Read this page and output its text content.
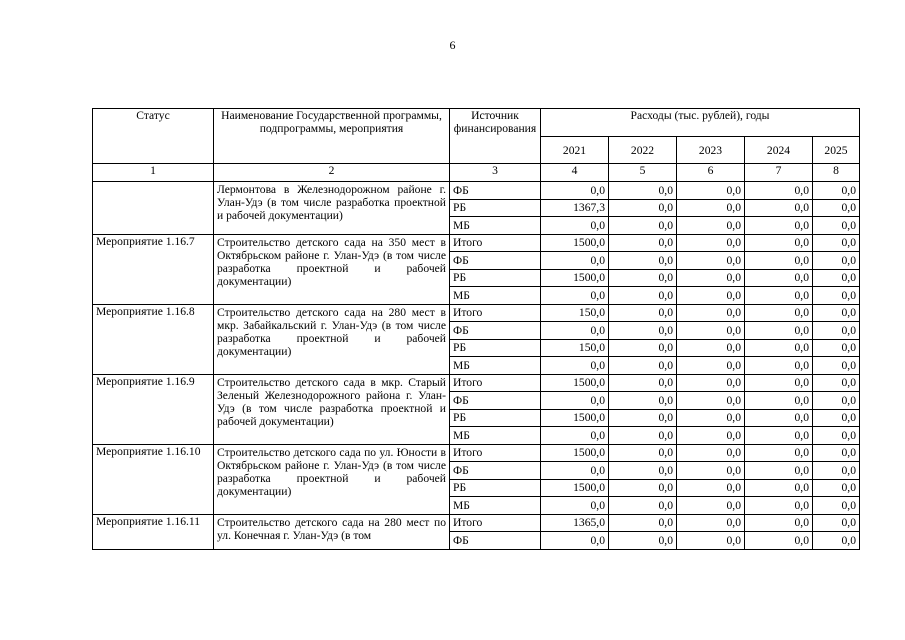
6
Статус	Наименование Государственной программы, подпрограммы, мероприятия	Источник финансирования	Расходы (тыс. рублей), годы				
			2021	2022	2023	2024	2025
1	2	3	4	5	6	7	8
	Лермонтова в Железнодорожном районе г. Улан-Удэ (в том числе разработка проектной и рабочей документации)	ФБ	0,0	0,0	0,0	0,0	0,0
		РБ	1367,3	0,0	0,0	0,0	0,0
		МБ	0,0	0,0	0,0	0,0	0,0
Мероприятие 1.16.7	Строительство детского сада на 350 мест в Октябрьском районе г. Улан-Удэ (в том числе разработка проектной и рабочей документации)	Итого	1500,0	0,0	0,0	0,0	0,0
		ФБ	0,0	0,0	0,0	0,0	0,0
		РБ	1500,0	0,0	0,0	0,0	0,0
		МБ	0,0	0,0	0,0	0,0	0,0
Мероприятие 1.16.8	Строительство детского сада на 280 мест в мкр. Забайкальский г. Улан-Удэ (в том числе разработка проектной и рабочей документации)	Итого	150,0	0,0	0,0	0,0	0,0
		ФБ	0,0	0,0	0,0	0,0	0,0
		РБ	150,0	0,0	0,0	0,0	0,0
		МБ	0,0	0,0	0,0	0,0	0,0
Мероприятие 1.16.9	Строительство детского сада в мкр. Старый Зеленый Железнодорожного района г. Улан-Удэ (в том числе разработка проектной и рабочей документации)	Итого	1500,0	0,0	0,0	0,0	0,0
		ФБ	0,0	0,0	0,0	0,0	0,0
		РБ	1500,0	0,0	0,0	0,0	0,0
		МБ	0,0	0,0	0,0	0,0	0,0
Мероприятие 1.16.10	Строительство детского сада по ул. Юности в Октябрьском районе г. Улан-Удэ (в том числе разработка проектной и рабочей документации)	Итого	1500,0	0,0	0,0	0,0	0,0
		ФБ	0,0	0,0	0,0	0,0	0,0
		РБ	1500,0	0,0	0,0	0,0	0,0
		МБ	0,0	0,0	0,0	0,0	0,0
Мероприятие 1.16.11	Строительство детского сада на 280 мест по ул. Конечная г. Улан-Удэ (в том	Итого	1365,0	0,0	0,0	0,0	0,0
		ФБ	0,0	0,0	0,0	0,0	0,0
